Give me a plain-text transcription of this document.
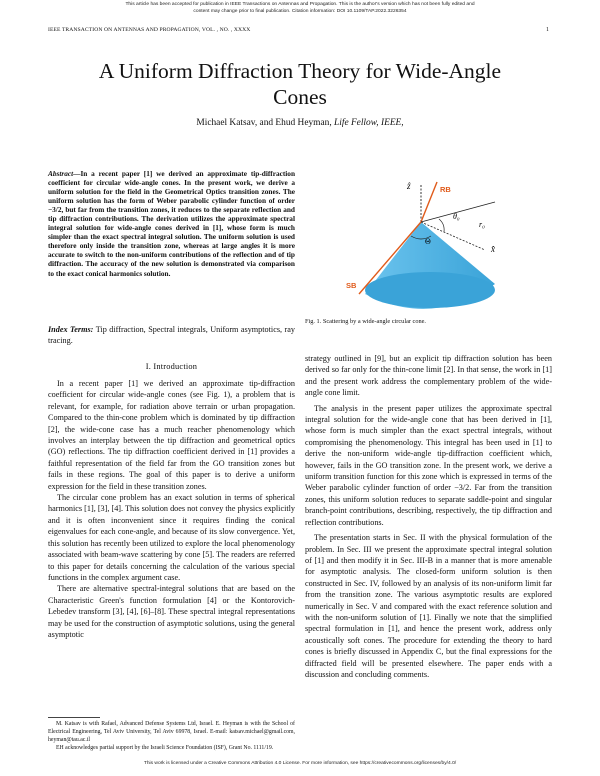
This article has been accepted for publication in IEEE Transactions on Antennas and Propagation. This is the author's version which has not been fully edited and
content may change prior to final publication. Citation information: DOI 10.1109/TAP.2022.3226354
IEEE TRANSACTION ON ANTENNAS AND PROPAGATION, VOL. , NO. , XXXX	1
A Uniform Diffraction Theory for Wide-Angle
Cones
Michael Katsav, and Ehud Heyman, Life Fellow, IEEE,
Abstract—In a recent paper [1] we derived an approximate tip-diffraction coefficient for circular wide-angle cones. In the present work, we derive a uniform solution for the field in the Geometrical Optics transition zones. The uniform solution has the form of Weber parabolic cylinder function of order −3/2, but far from the transition zones, it reduces to the separate reflection and tip diffraction contributions. The derivation utilizes the approximate spectral integral solution for wide-angle cones derived in [1], whose form is much simpler than the exact spectral integral solution. The uniform solution is used therefore only inside the transition zone, whereas at large angles it is more accurate to switch to the non-uniform contributions of the reflection and of tip diffraction. The accuracy of the new solution is demonstrated via comparison to the exact conical harmonics solution.
Index Terms: Tip diffraction, Spectral integrals, Uniform asymptotics, ray tracing.
I. Introduction

In a recent paper [1] we derived an approximate tip-diffraction coefficient for circular wide-angle cones (see Fig. 1), a problem that is relevant, for example, for radiation above terrain or urban propagation. Compared to the thin-cone problem which is dominated by tip diffraction [2], the wide-cone case has a much reacher phenomenology which involves an interplay between the tip diffraction and geometrical optics (GO) reflections. The tip diffraction coefficient derived in [1] provides a faithful representation of the field far from the GO transition zones but fails in these regions. The goal of this paper is to derive a uniform expression for the field in these transition zones.

The circular cone problem has an exact solution in terms of spherical harmonics [1], [3], [4]. This solution does not convey the physics explicitly and it is often inconvenient since it requires finding the conical eigenvalues for each cone-angle, and because of its slow convergence. Yet, this solution has recently been utilized to explore the local phenomenology associated with beam-wave scattering by cone [5]. The readers are referred to this paper for details concerning the calculation of the various special functions in the complex argument case.

There are alternative spectral-integral solutions that are based on the Characteristic Green's function formulation [4] or the Kontorovich-Lebedev transform [3], [4], [6]–[8]. These spectral integral representations may be used for the construction of asymptotic solutions, using the general asymptotic

M. Katsav is with Rafael, Advanced Defense Systems Ltd, Israel. E. Heyman is with the School of Electrical Engineering, Tel Aviv University, Tel Aviv 69978, Israel. E-mail: katsav.michael@gmail.com, heyman@tau.ac.il

EH acknowledges partial support by the Israeli Science Foundation (ISF), Grant No. 1111/19.

ẑ	RB
θ₀
r₀
Θ
x̂
SB
Fig. 1. Scattering by a wide-angle circular cone.

strategy outlined in [9], but an explicit tip diffraction solution has been derived so far only for the thin-cone limit [2]. In that sense, the work in [1] and the present work address the complementary problem of the wide-angle cone limit.

The analysis in the present paper utilizes the approximate spectral integral solution for the wide-angle cone that has been derived in [1], whose form is much simpler than the exact spectral integrals, without compromising the phenomenology. This integral has been used in [1] to derive the non-uniform wide-angle tip-diffraction coefficient which, however, fails in the GO transition zone. In the present work, we derive a uniform transition function for this zone which is expressed in terms of the Weber parabolic cylinder function of order −3/2. Far from the transition zones, this uniform solution reduces to separate saddle-point and singular branch-point contributions, describing, respectively, the tip diffraction and reflection contributions.

The presentation starts in Sec. II with the physical formulation of the problem. In Sec. III we present the approximate spectral integral solution of [1] and then modify it in Sec. III-B in a manner that is more amenable for asymptotic analysis. The closed-form uniform solution is then constructed in Sec. IV, followed by an analysis of its non-uniform limit far from the transition zone. The various asymptotic results are explored numerically in Sec. V and compared with the exact reference solution and with the non-uniform solution of [1]. Finally we note that the simplified spectral formulation in [1], and hence the present work, address only acoustically soft cones. The procedure for extending the theory to hard cones is briefly discussed in Appendix C, but the final expressions for the diffracted field will be presented elsewhere. The paper ends with a discussion and concluding comments.

This work is licensed under a Creative Commons Attribution 4.0 License. For more information, see https://creativecommons.org/licenses/by/4.0/
